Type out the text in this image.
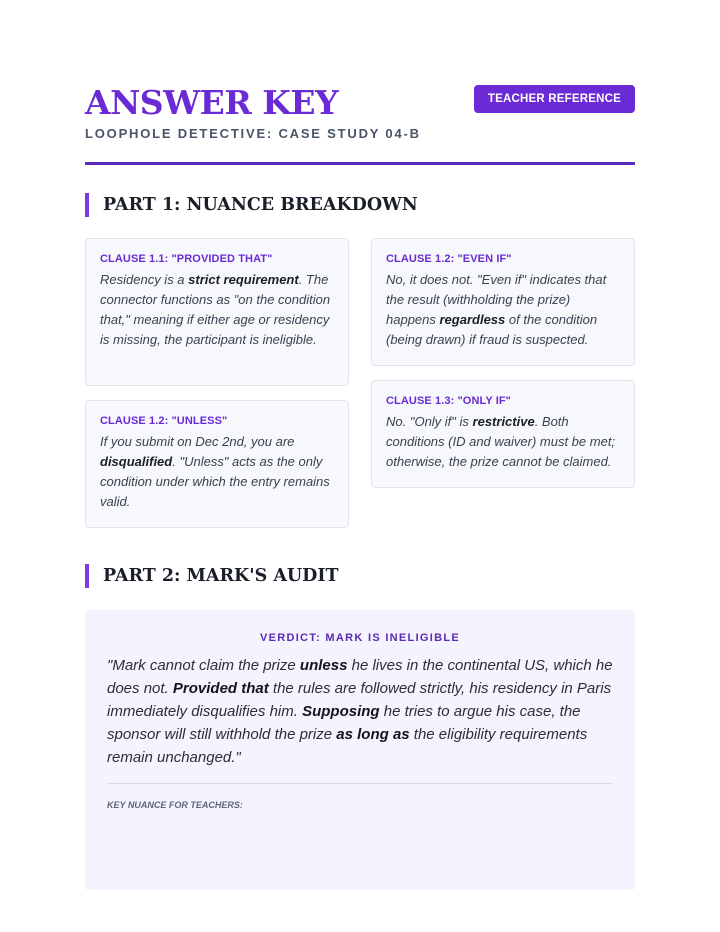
ANSWER KEY
LOOPHOLE DETECTIVE: CASE STUDY 04-B
TEACHER REFERENCE
PART 1: NUANCE BREAKDOWN
CLAUSE 1.1: "PROVIDED THAT"
Residency is a strict requirement. The connector functions as "on the condition that," meaning if either age or residency is missing, the participant is ineligible.
CLAUSE 1.2: "EVEN IF"
No, it does not. "Even if" indicates that the result (withholding the prize) happens regardless of the condition (being drawn) if fraud is suspected.
CLAUSE 1.2: "UNLESS"
If you submit on Dec 2nd, you are disqualified. "Unless" acts as the only condition under which the entry remains valid.
CLAUSE 1.3: "ONLY IF"
No. "Only if" is restrictive. Both conditions (ID and waiver) must be met; otherwise, the prize cannot be claimed.
PART 2: MARK'S AUDIT
VERDICT: MARK IS INELIGIBLE
"Mark cannot claim the prize unless he lives in the continental US, which he does not. Provided that the rules are followed strictly, his residency in Paris immediately disqualifies him. Supposing he tries to argue his case, the sponsor will still withhold the prize as long as the eligibility requirements remain unchanged."
KEY NUANCE FOR TEACHERS:
